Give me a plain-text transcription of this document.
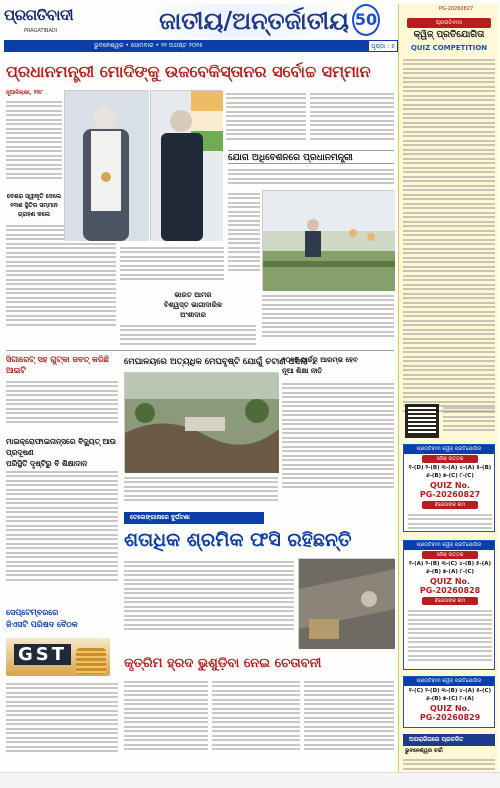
ପ୍ରଗତିବାଦୀ
PRAGATIBADI	ଜାତୀୟ/ଅନ୍ତର୍ଜାତୀୟ 50
ଭୁବନେଶ୍ୱର • ସୋମବାର • ୨୨ ଅଗଷ୍ଟ ୨୦୨୫	ପୃଷ୍ଠା : ୫
ପ୍ରଧାନମନ୍ତ୍ରୀ ମୋଦିଙ୍କୁ ଉଜବେକିସ୍ତାନର ସର୍ବୋଚ୍ଚ ସମ୍ମାନ
ନୂଆଦିଲ୍ଲୀ, ୨୨ା୮
ଦେଶର ସ୍ୱୀକୃତି ଦେଲେ
୧୩ଶ ସ୍ଥିତିର ସମ୍ମାନ
ଗ୍ରହଣ କଲେ
ଯୋଗ ଅଧିବେଶନରେ ପ୍ରଧାନମନ୍ତ୍ରୀ
ଭାରତ ଆମର
ବିଶ୍ୱସ୍ତ ଭାଗୀଦାରିକ
ଅଂଶୀଦାର
ସିଗାରେଟ୍ ସହ ଗୁଟ୍‌କା ଜବତ୍ କରିଛି ଆଇଟି
ମେଘାଳୟରେ ଅତ୍ୟଧିକ ମେଘବୃଷ୍ଟି ଯୋଗୁଁ ଚଟାଣ ଧସିଲା
୨୦୨୫ ମାର୍ଚ୍ଚରୁ ଆରମ୍ଭ ହେବ
ନୂଆ ଶିକ୍ଷା ନୀତି
ମାଇକ୍ରୋଫାଇନାନ୍ସରେ ବିଦ୍ୟୁତ୍ ଆଉ ପ୍ରଦୂଷଣ
ପରିସ୍ଥିତି ଦୃଷ୍ଟିରୁ ବି ଶିକ୍ଷାଦାନ
ତେଲେଙ୍ଗାନାରେ ଦୁର୍ଘଟଣା
ଶତାଧିକ ଶ୍ରମିକ ଫସି ରହିଛନ୍ତି
ସେପ୍ଟେମ୍ବରରେ
ଜିଏସଟି ପରିଷଦ ବୈଠକ
GST	କୃତ୍ରିମ ହ୍ରଦ ଭୁଶୁଡ଼ିବା ନେଇ ଚେତାବନୀ
PG-20260827
ପ୍ରଗତିବାଦୀ
କ୍ୱିଜ୍ ପ୍ରତିଯୋଗିତା
QUIZ COMPETITION
ପ୍ରଗତିବାଦୀ କ୍ୱିଜ୍ ପ୍ରତିଯୋଗିତା
ସଠିକ୍ ଉତ୍ତର
୧-(D) ୨-(B) ୩-(A) ୪-(A) ୫-(B)
୬-(B) ୭-(C) ୮-(C)
QUIZ No.
PG-20260827
ବିଜେତାଙ୍କ ନାମ
ପ୍ରଗତିବାଦୀ କ୍ୱିଜ୍ ପ୍ରତିଯୋଗିତା
ସଠିକ୍ ଉତ୍ତର
୧-(A) ୨-(B) ୩-(C) ୪-(B) ୫-(A)
୬-(B) ୭-(A) ୮-(C)
QUIZ No.
PG-20260828
ବିଜେତାଙ୍କ ନାମ
ପ୍ରଗତିବାଦୀ କ୍ୱିଜ୍ ପ୍ରତିଯୋଗିତା
୧-(C) ୨-(D) ୩-(B) ୪-(A) ୫-(C)
୬-(B) ୭-(C) ୮-(A)
QUIZ No.
PG-20260829
ଅପରାଜିତାରେ ପ୍ରଚଳିତ
ଭୁବନେଶ୍ୱର ଚର୍ଚ୍ଚା
